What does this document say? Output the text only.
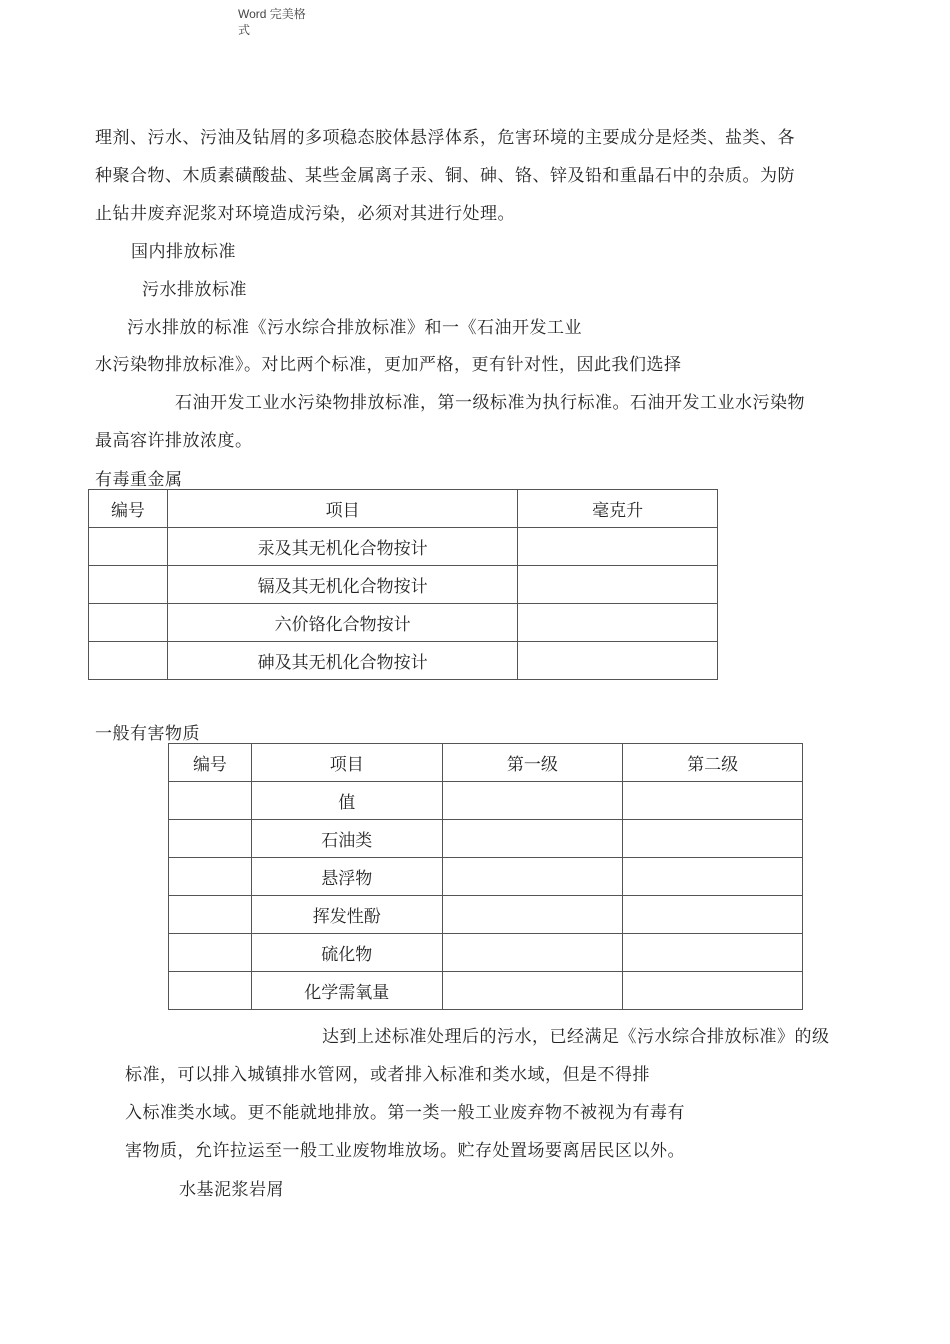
Word 完美格
式
理剂、污水、污油及钻屑的多项稳态胶体悬浮体系，危害环境的主要成分是烃类、盐类、各
种聚合物、木质素磺酸盐、某些金属离子汞、铜、砷、铬、锌及铅和重晶石中的杂质。为防
止钻井废弃泥浆对环境造成污染，必须对其进行处理。
国内排放标准
污水排放标准
污水排放的标准《污水综合排放标准》和一《石油开发工业
水污染物排放标准》。对比两个标准，更加严格，更有针对性，因此我们选择
石油开发工业水污染物排放标准，第一级标准为执行标准。石油开发工业水污染物
最高容许排放浓度。
有毒重金属
编号	项目	毫克升
	汞及其无机化合物按计	
	镉及其无机化合物按计	
	六价铬化合物按计	
	砷及其无机化合物按计	
一般有害物质
编号	项目	第一级	第二级
	值		
	石油类		
	悬浮物		
	挥发性酚		
	硫化物		
	化学需氧量		
达到上述标准处理后的污水，已经满足《污水综合排放标准》的级
标准，可以排入城镇排水管网，或者排入标准和类水域，但是不得排
入标准类水域。更不能就地排放。第一类一般工业废弃物不被视为有毒有
害物质，允许拉运至一般工业废物堆放场。贮存处置场要离居民区以外。
水基泥浆岩屑
